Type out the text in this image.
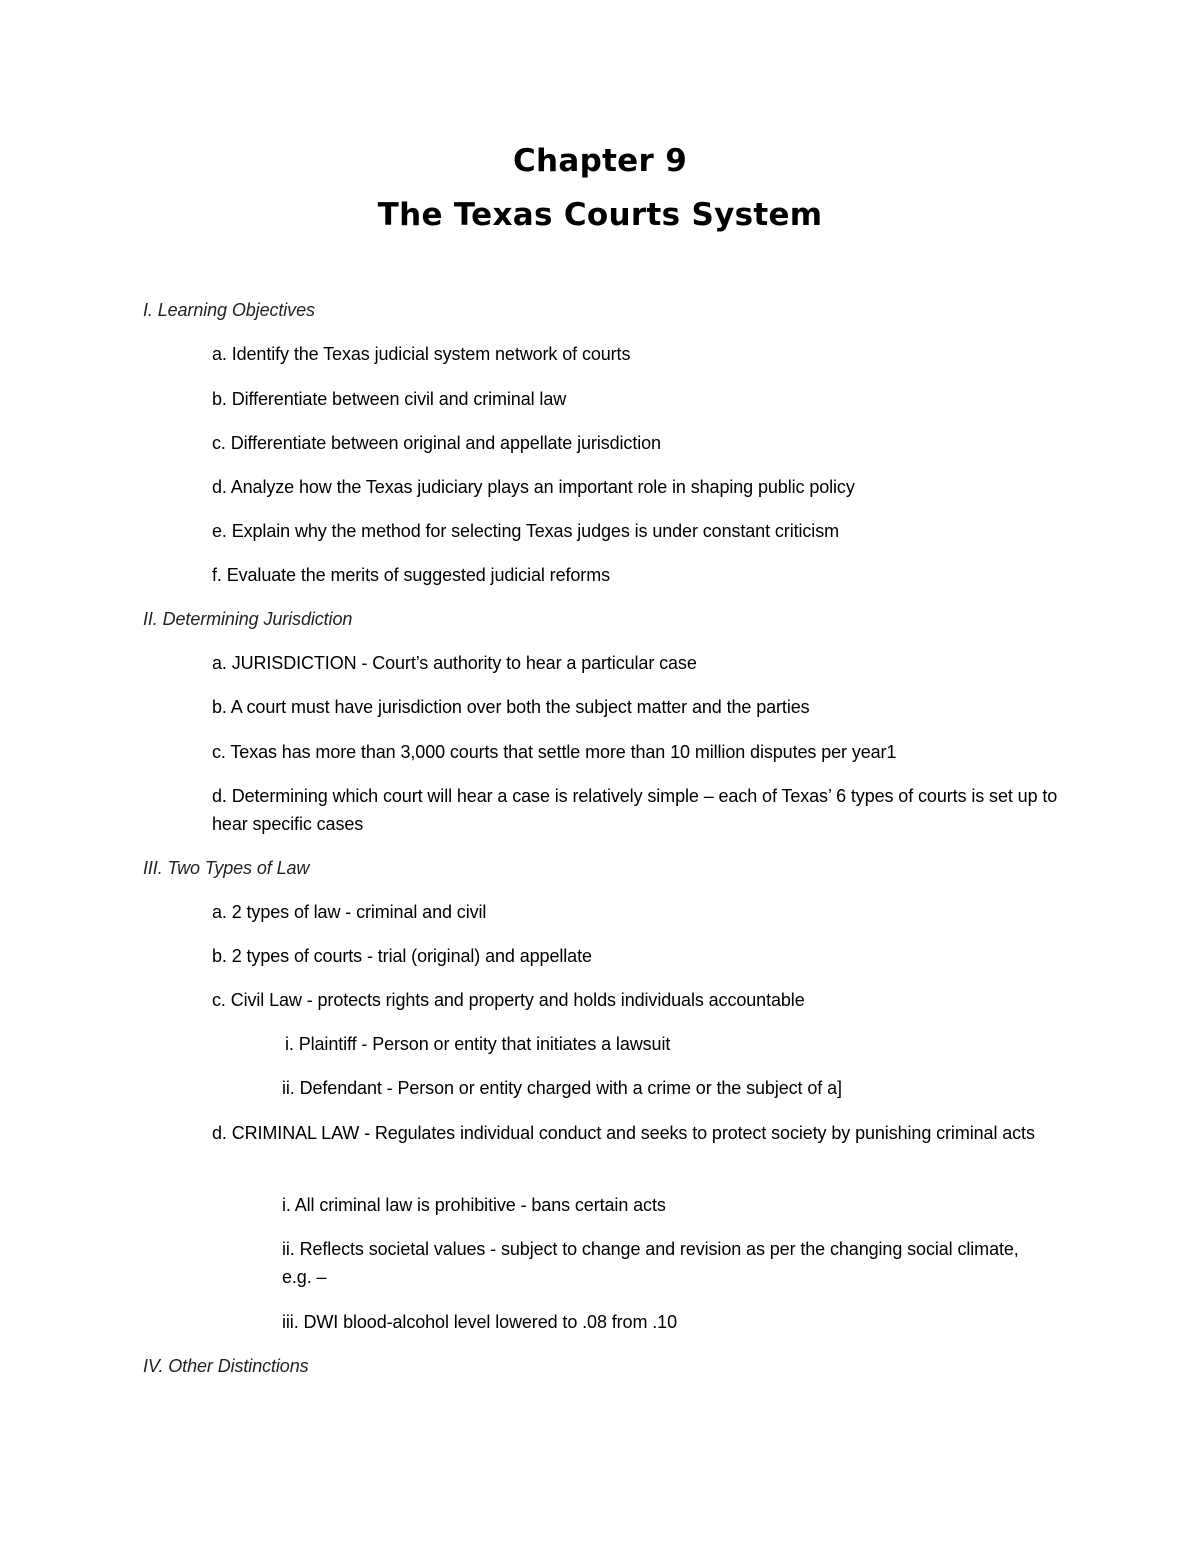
Chapter 9
The Texas Courts System
I. Learning Objectives
a. Identify the Texas judicial system network of courts
b. Differentiate between civil and criminal law
c. Differentiate between original and appellate jurisdiction
d. Analyze how the Texas judiciary plays an important role in shaping public policy
e. Explain why the method for selecting Texas judges is under constant criticism
f. Evaluate the merits of suggested judicial reforms
II. Determining Jurisdiction
a. JURISDICTION - Court’s authority to hear a particular case
b. A court must have jurisdiction over both the subject matter and the parties
c. Texas has more than 3,000 courts that settle more than 10 million disputes per year1
d. Determining which court will hear a case is relatively simple – each of Texas’ 6 types of courts is set up to hear specific cases
III. Two Types of Law
a. 2 types of law - criminal and civil
b. 2 types of courts - trial (original) and appellate
c. Civil Law - protects rights and property and holds individuals accountable
i. Plaintiff - Person or entity that initiates a lawsuit
ii. Defendant - Person or entity charged with a crime or the subject of a]
d. CRIMINAL LAW - Regulates individual conduct and seeks to protect society by punishing criminal acts
i. All criminal law is prohibitive - bans certain acts
ii. Reflects societal values - subject to change and revision as per the changing social climate, e.g. –
iii. DWI blood-alcohol level lowered to .08 from .10
IV. Other Distinctions
